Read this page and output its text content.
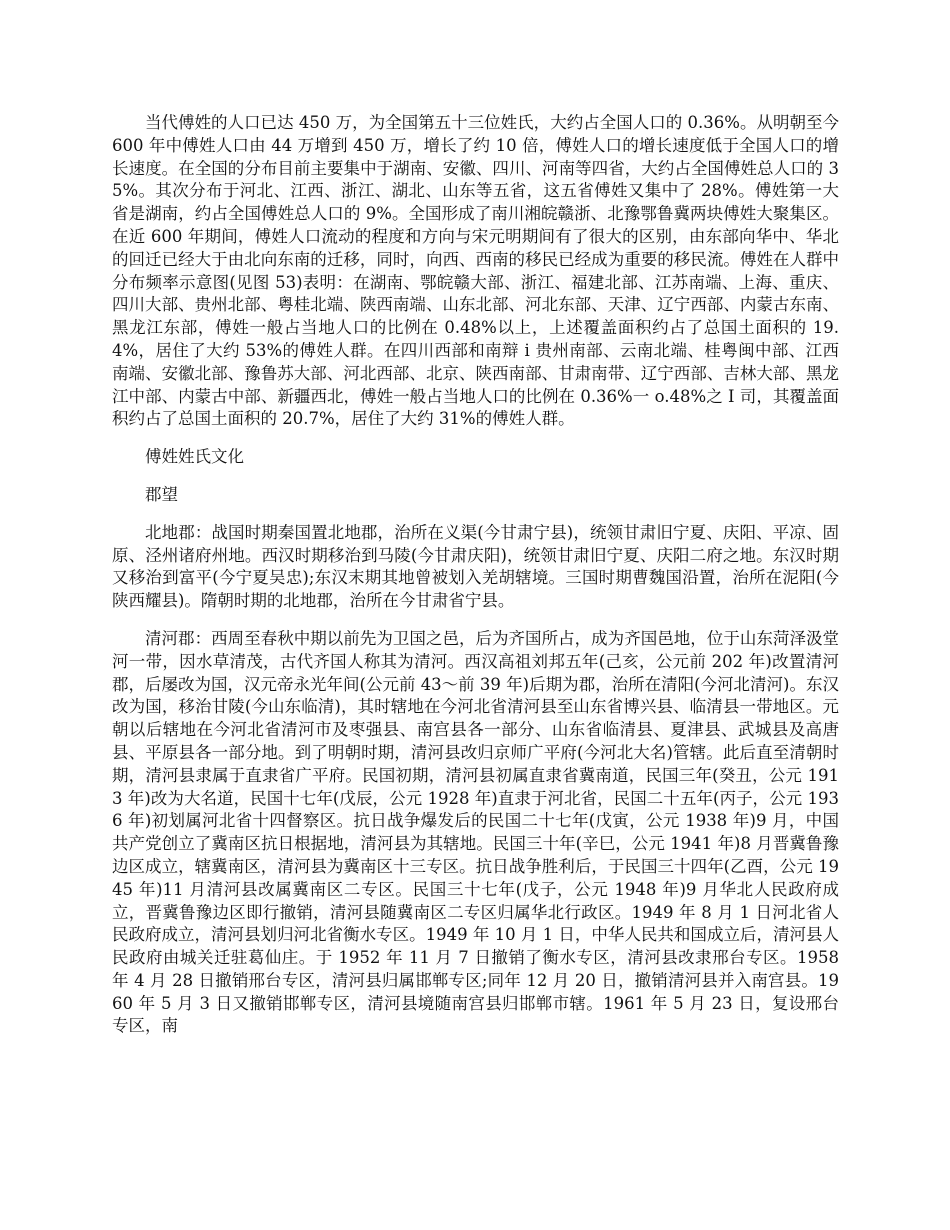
当代傅姓的人口已达 450 万，为全国第五十三位姓氏，大约占全国人口的 0.36%。从明朝至今 600 年中傅姓人口由 44 万增到 450 万，增长了约 10 倍，傅姓人口的增长速度低于全国人口的增长速度。在全国的分布目前主要集中于湖南、安徽、四川、河南等四省，大约占全国傅姓总人口的 35%。其次分布于河北、江西、浙江、湖北、山东等五省，这五省傅姓又集中了 28%。傅姓第一大省是湖南，约占全国傅姓总人口的 9%。全国形成了南川湘皖赣浙、北豫鄂鲁冀两块傅姓大聚集区。在近 600 年期间，傅姓人口流动的程度和方向与宋元明期间有了很大的区别，由东部向华中、华北的回迁已经大于由北向东南的迁移，同时，向西、西南的移民已经成为重要的移民流。傅姓在人群中分布频率示意图(见图 53)表明：在湖南、鄂皖赣大部、浙江、福建北部、江苏南端、上海、重庆、四川大部、贵州北部、粤桂北端、陕西南端、山东北部、河北东部、天津、辽宁西部、内蒙古东南、黑龙江东部，傅姓一般占当地人口的比例在 0.48%以上，上述覆盖面积约占了总国土面积的 19.4%，居住了大约 53%的傅姓人群。在四川西部和南辩 i 贵州南部、云南北端、桂粤闽中部、江西南端、安徽北部、豫鲁苏大部、河北西部、北京、陕西南部、甘肃南带、辽宁西部、吉林大部、黑龙江中部、内蒙古中部、新疆西北，傅姓一般占当地人口的比例在 0.36%一 o.48%之 I 司，其覆盖面积约占了总国土面积的 20.7%，居住了大约 31%的傅姓人群。

傅姓姓氏文化

郡望

北地郡：战国时期秦国置北地郡，治所在义渠(今甘肃宁县)，统领甘肃旧宁夏、庆阳、平凉、固原、泾州诸府州地。西汉时期移治到马陵(今甘肃庆阳)，统领甘肃旧宁夏、庆阳二府之地。东汉时期又移治到富平(今宁夏吴忠);东汉末期其地曾被划入羌胡辖境。三国时期曹魏国沿置，治所在泥阳(今陕西耀县)。隋朝时期的北地郡，治所在今甘肃省宁县。

清河郡：西周至春秋中期以前先为卫国之邑，后为齐国所占，成为齐国邑地，位于山东菏泽汲堂河一带，因水草清茂，古代齐国人称其为清河。西汉高祖刘邦五年(己亥，公元前 202 年)改置清河郡，后屡改为国，汉元帝永光年间(公元前 43～前 39 年)后期为郡，治所在清阳(今河北清河)。东汉改为国，移治甘陵(今山东临清)，其时辖地在今河北省清河县至山东省博兴县、临清县一带地区。元朝以后辖地在今河北省清河市及枣强县、南宫县各一部分、山东省临清县、夏津县、武城县及高唐县、平原县各一部分地。到了明朝时期，清河县改归京师广平府(今河北大名)管辖。此后直至清朝时期，清河县隶属于直隶省广平府。民国初期，清河县初属直隶省冀南道，民国三年(癸丑，公元 1913 年)改为大名道，民国十七年(戊辰，公元 1928 年)直隶于河北省，民国二十五年(丙子，公元 1936 年)初划属河北省十四督察区。抗日战争爆发后的民国二十七年(戊寅，公元 1938 年)9 月，中国共产党创立了冀南区抗日根据地，清河县为其辖地。民国三十年(辛巳，公元 1941 年)8 月晋冀鲁豫边区成立，辖冀南区，清河县为冀南区十三专区。抗日战争胜利后，于民国三十四年(乙酉，公元 1945 年)11 月清河县改属冀南区二专区。民国三十七年(戊子，公元 1948 年)9 月华北人民政府成立，晋冀鲁豫边区即行撤销，清河县随冀南区二专区归属华北行政区。1949 年 8 月 1 日河北省人民政府成立，清河县划归河北省衡水专区。1949 年 10 月 1 日，中华人民共和国成立后，清河县人民政府由城关迁驻葛仙庄。于 1952 年 11 月 7 日撤销了衡水专区，清河县改隶邢台专区。1958 年 4 月 28 日撤销邢台专区，清河县归属邯郸专区;同年 12 月 20 日，撤销清河县并入南宫县。1960 年 5 月 3 日又撤销邯郸专区，清河县境随南宫县归邯郸市辖。1961 年 5 月 23 日，复设邢台专区，南
